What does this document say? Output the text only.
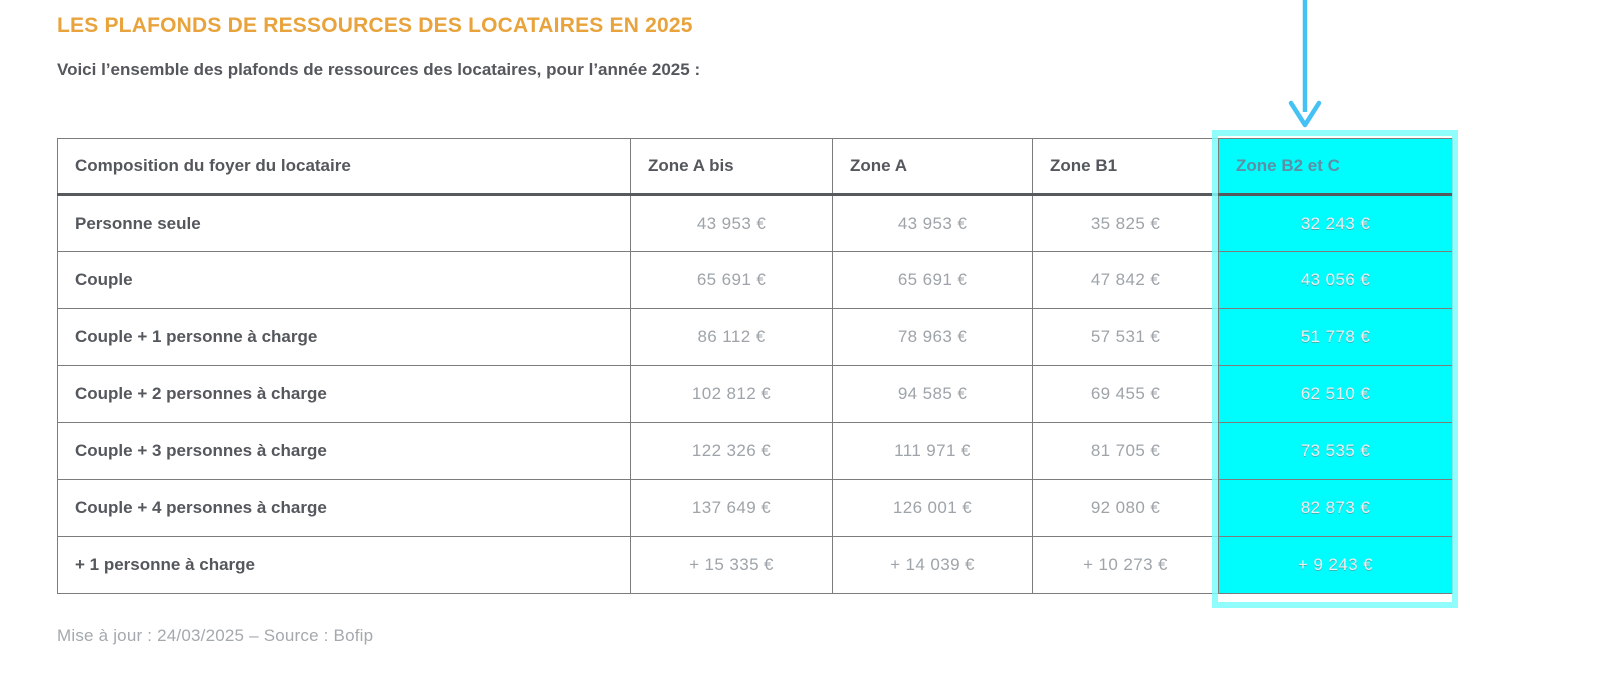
LES PLAFONDS DE RESSOURCES DES LOCATAIRES EN 2025

Voici l’ensemble des plafonds de ressources des locataires, pour l’année 2025 :

Composition du foyer du locataire	Zone A bis	Zone A	Zone B1	Zone B2 et C
Personne seule	43 953 €	43 953 €	35 825 €	32 243 €
Couple	65 691 €	65 691 €	47 842 €	43 056 €
Couple + 1 personne à charge	86 112 €	78 963 €	57 531 €	51 778 €
Couple + 2 personnes à charge	102 812 €	94 585 €	69 455 €	62 510 €
Couple + 3 personnes à charge	122 326 €	111 971 €	81 705 €	73 535 €
Couple + 4 personnes à charge	137 649 €	126 001 €	92 080 €	82 873 €
+ 1 personne à charge	+ 15 335 €	+ 14 039 €	+ 10 273 €	+ 9 243 €

Mise à jour : 24/03/2025 – Source : Bofip
